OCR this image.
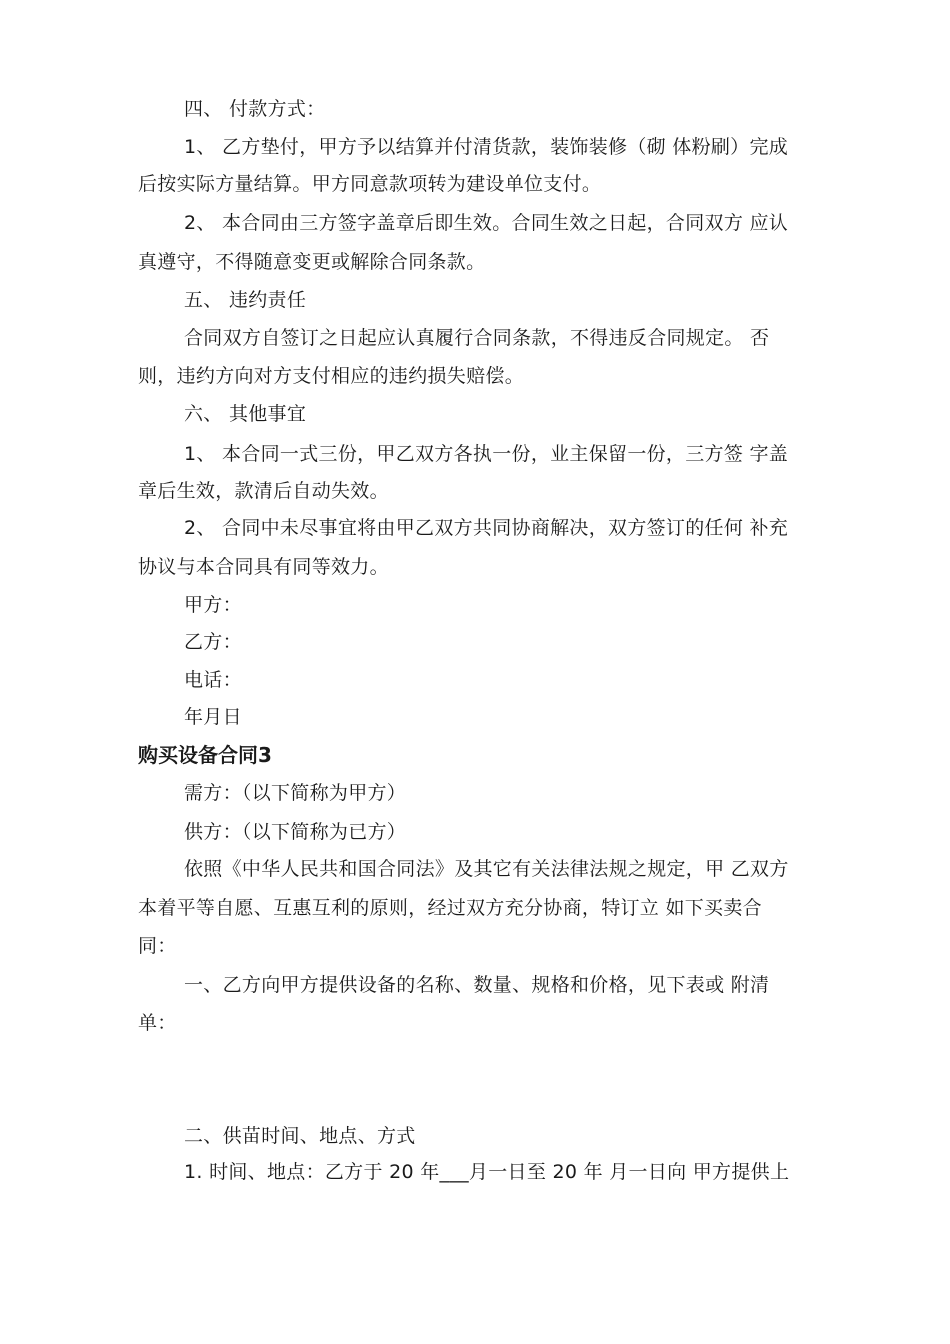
四、 付款方式：
1、 乙方垫付，甲方予以结算并付清货款，装饰装修（砌 体粉刷）完成
后按实际方量结算。甲方同意款项转为建设单位支付。
2、 本合同由三方签字盖章后即生效。合同生效之日起，合同双方 应认
真遵守，不得随意变更或解除合同条款。
五、 违约责任
合同双方自签订之日起应认真履行合同条款，不得违反合同规定。 否
则，违约方向对方支付相应的违约损失赔偿。
六、 其他事宜
1、 本合同一式三份，甲乙双方各执一份，业主保留一份，三方签 字盖
章后生效，款清后自动失效。
2、 合同中未尽事宜将由甲乙双方共同协商解决，双方签订的任何 补充
协议与本合同具有同等效力。
甲方：
乙方：
电话：
年月日
购买设备合同3
需方：（以下简称为甲方）
供方：（以下简称为已方）
依照《中华人民共和国合同法》及其它有关法律法规之规定，甲 乙双方
本着平等自愿、互惠互利的原则，经过双方充分协商，特订立 如下买卖合
同：
一、乙方向甲方提供设备的名称、数量、规格和价格，见下表或 附清
单：
二、供苗时间、地点、方式
1. 时间、地点：乙方于 20 年___月一日至 20 年 月一日向 甲方提供上
